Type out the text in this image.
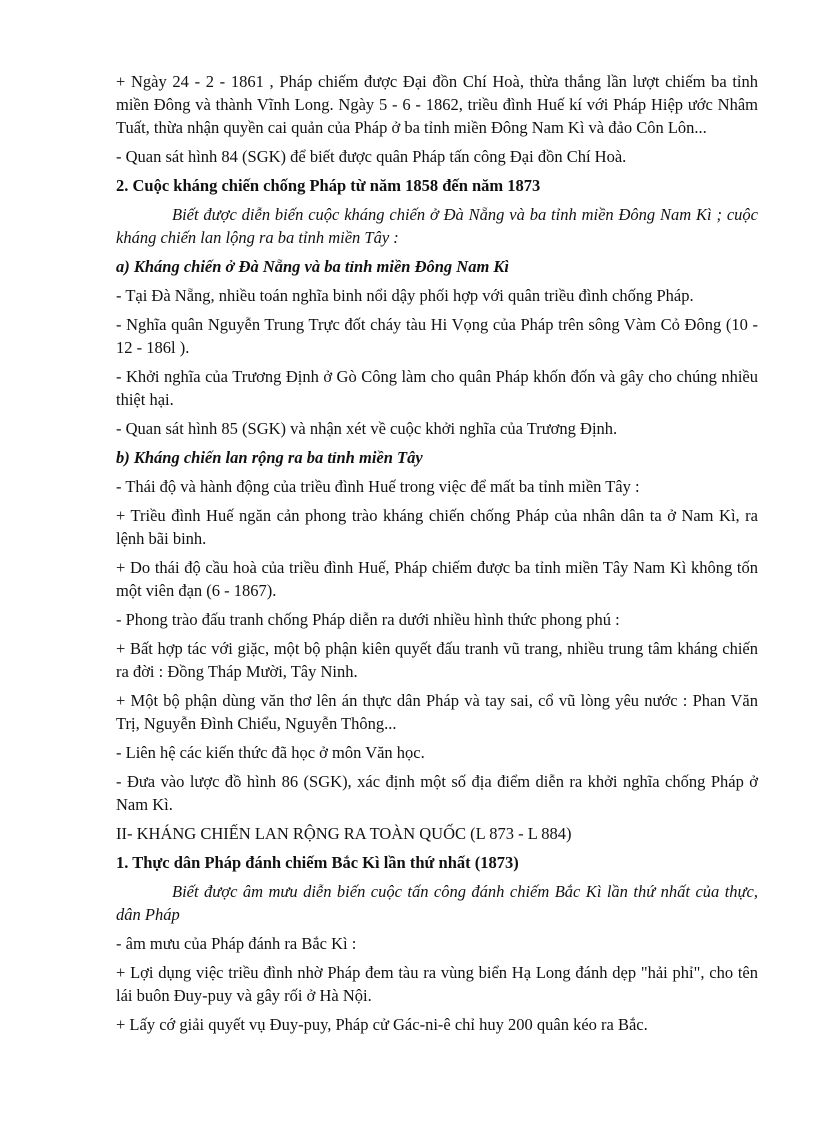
+ Ngày 24 - 2 - 1861 , Pháp chiếm được Đại đồn Chí Hoà, thừa thắng lần lượt chiếm ba tỉnh miền Đông và thành Vĩnh Long. Ngày 5 - 6 - 1862, triều đình Huế kí với Pháp Hiệp ước Nhâm Tuất, thừa nhận quyền cai quản của Pháp ở ba tỉnh miền Đông Nam Kì và đảo Côn Lôn...

- Quan sát hình 84 (SGK) để biết được quân Pháp tấn công Đại đồn Chí Hoà.

2. Cuộc kháng chiến chống Pháp từ năm 1858 đến năm 1873

Biết được diễn biến cuộc kháng chiến ở Đà Nẵng và ba tỉnh miền Đông Nam Kì ; cuộc kháng chiến lan lộng ra ba tỉnh miền Tây :

a) Kháng chiến ở Đà Nẵng và ba tỉnh miền Đông Nam Kì

- Tại Đà Nẵng, nhiều toán nghĩa binh nổi dậy phối hợp với quân triều đình chống Pháp.

- Nghĩa quân Nguyễn Trung Trực đốt cháy tàu Hi Vọng của Pháp trên sông Vàm Cỏ Đông (10 - 12 - 186l ).

- Khởi nghĩa của Trương Định ở Gò Công làm cho quân Pháp khốn đốn và gây cho chúng nhiều thiệt hại.

- Quan sát hình 85 (SGK) và nhận xét về cuộc khởi nghĩa của Trương Định.

b) Kháng chiến lan rộng ra ba tỉnh miền Tây

- Thái độ và hành động của triều đình Huế trong việc để mất ba tỉnh miền Tây :

+ Triều đình Huế ngăn cản phong trào kháng chiến chống Pháp của nhân dân ta ở Nam Kì, ra lệnh bãi binh.

+ Do thái độ cầu hoà của triều đình Huế, Pháp chiếm được ba tỉnh miền Tây Nam Kì không tốn một viên đạn (6 - 1867).

- Phong trào đấu tranh chống Pháp diễn ra dưới nhiều hình thức phong phú :

+ Bất hợp tác với giặc, một bộ phận kiên quyết đấu tranh vũ trang, nhiều trung tâm kháng chiến ra đời : Đồng Tháp Mười, Tây Ninh.

+ Một bộ phận dùng văn thơ lên án thực dân Pháp và tay sai, cổ vũ lòng yêu nước : Phan Văn Trị, Nguyễn Đình Chiểu, Nguyễn Thông...

- Liên hệ các kiến thức đã học ở môn Văn học.

- Đưa vào lược đồ hình 86 (SGK), xác định một số địa điểm diễn ra khởi nghĩa chống Pháp ở Nam Kì.

II- KHÁNG CHIẾN LAN RỘNG RA TOÀN QUỐC (L 873 - L 884)

1. Thực dân Pháp đánh chiếm Bắc Kì lần thứ nhất (1873)

Biết được âm mưu diễn biến cuộc tấn công đánh chiếm Bắc Kì lần thứ nhất của thực, dân Pháp

- âm mưu của Pháp đánh ra Bắc Kì :

+ Lợi dụng việc triều đình nhờ Pháp đem tàu ra vùng biển Hạ Long đánh dẹp "hải phỉ", cho tên lái buôn Đuy-puy và gây rối ở Hà Nội.

+ Lấy cớ giải quyết vụ Đuy-puy, Pháp cử Gác-ni-ê chỉ huy 200 quân kéo ra Bắc.
